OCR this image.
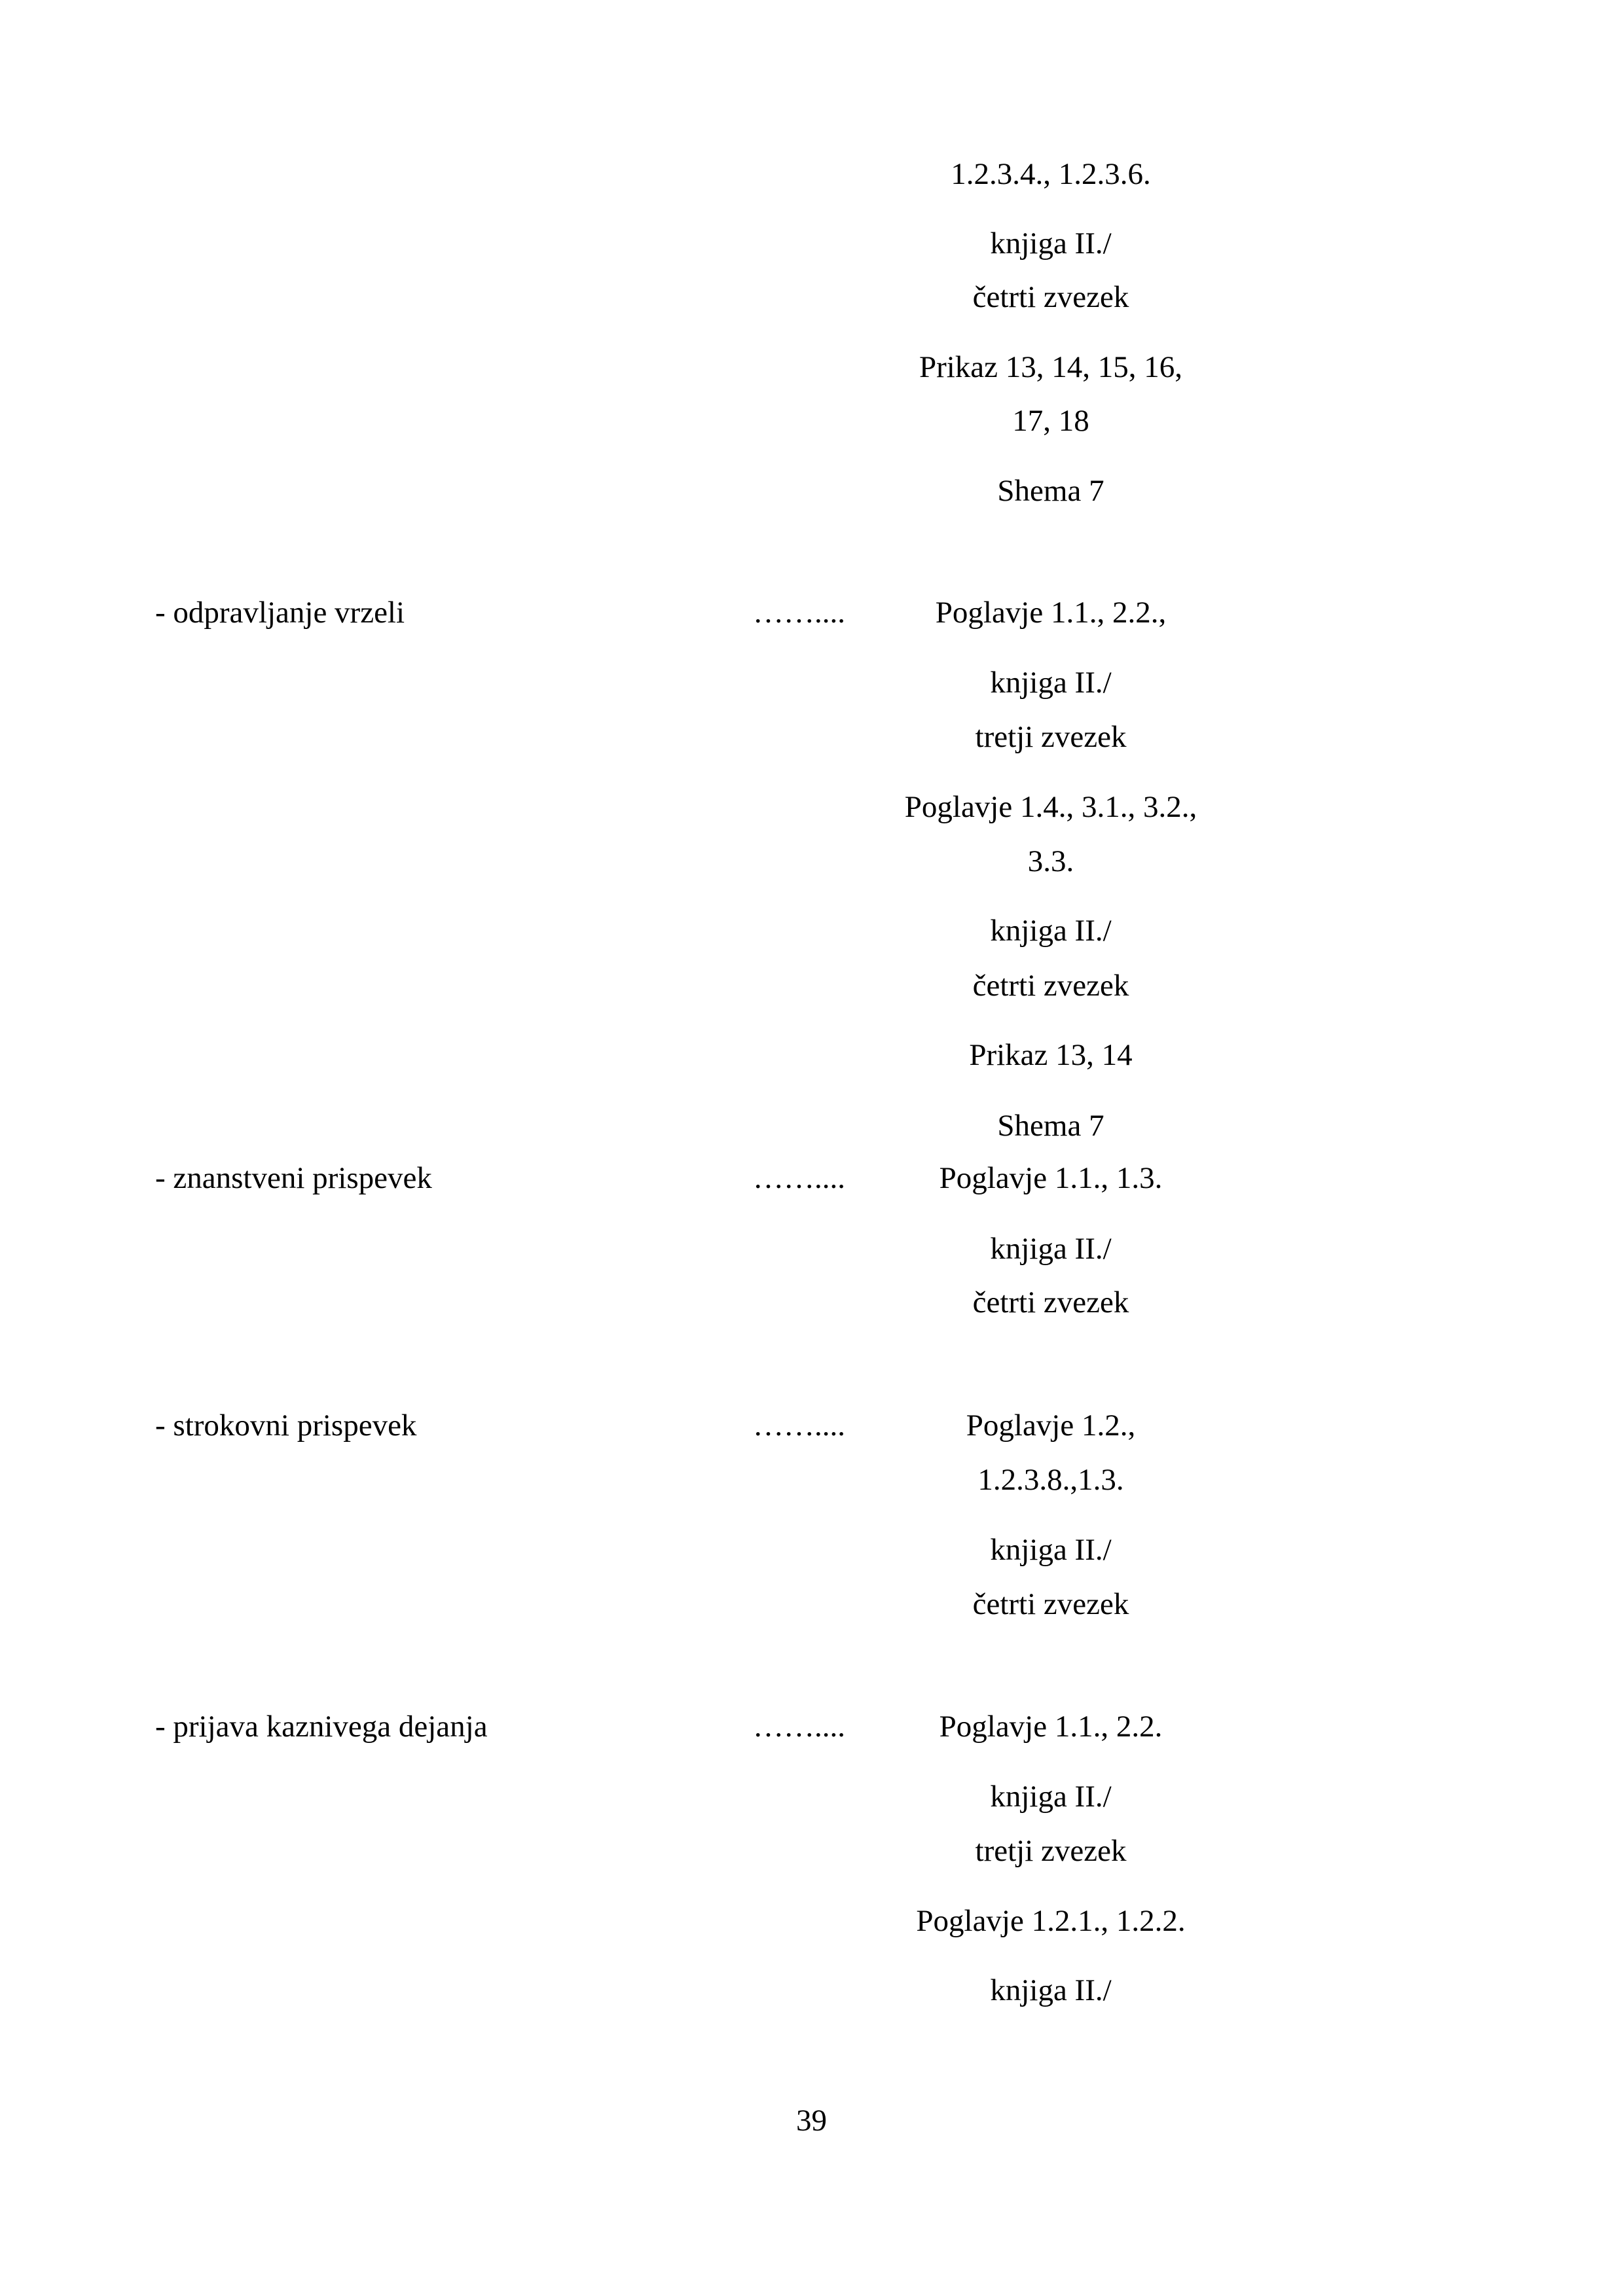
1.2.3.4., 1.2.3.6.
knjiga II./
četrti zvezek
Prikaz 13, 14, 15, 16,
17, 18
Shema 7
- odpravljanje vrzeli	……....	Poglavje 1.1., 2.2.,
knjiga II./
tretji zvezek
Poglavje 1.4., 3.1., 3.2.,
3.3.
knjiga II./
četrti zvezek
Prikaz 13, 14
Shema 7
- znanstveni prispevek	……....	Poglavje 1.1., 1.3.
knjiga II./
četrti zvezek
- strokovni prispevek	……....	Poglavje 1.2.,
1.2.3.8.,1.3.
knjiga II./
četrti zvezek
- prijava kaznivega dejanja	……....	Poglavje 1.1., 2.2.
knjiga II./
tretji zvezek
Poglavje 1.2.1., 1.2.2.
knjiga II./
39
